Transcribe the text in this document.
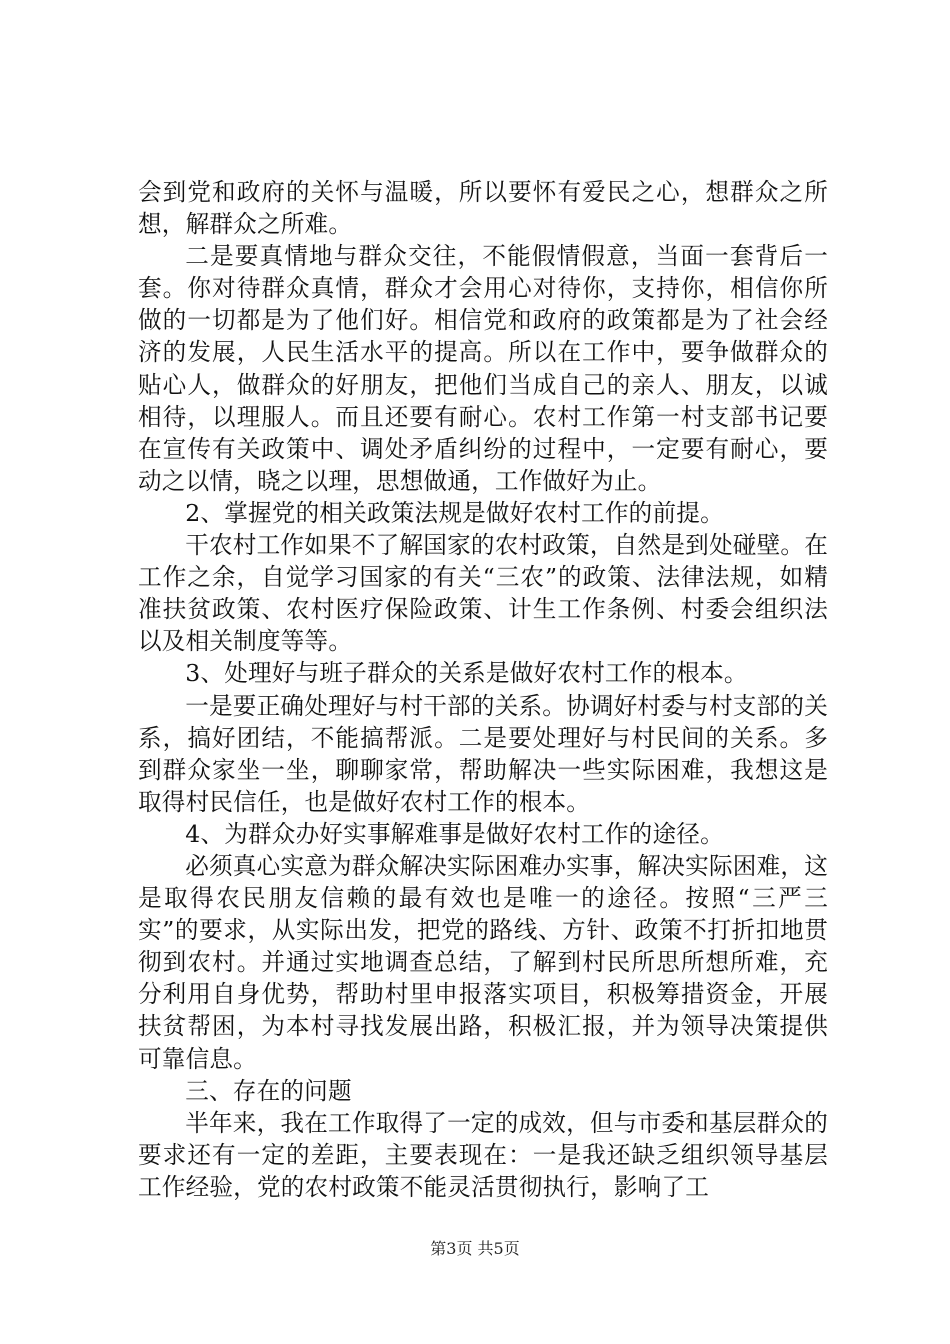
会到党和政府的关怀与温暖，所以要怀有爱民之心，想群众之所想，解群众之所难。

二是要真情地与群众交往，不能假情假意，当面一套背后一套。你对待群众真情，群众才会用心对待你，支持你，相信你所做的一切都是为了他们好。相信党和政府的政策都是为了社会经济的发展，人民生活水平的提高。所以在工作中，要争做群众的贴心人，做群众的好朋友，把他们当成自己的亲人、朋友，以诚相待，以理服人。而且还要有耐心。农村工作第一村支部书记要在宣传有关政策中、调处矛盾纠纷的过程中，一定要有耐心，要动之以情，晓之以理，思想做通，工作做好为止。

2、掌握党的相关政策法规是做好农村工作的前提。

干农村工作如果不了解国家的农村政策，自然是到处碰壁。在工作之余，自觉学习国家的有关“三农”的政策、法律法规，如精准扶贫政策、农村医疗保险政策、计生工作条例、村委会组织法以及相关制度等等。

3、处理好与班子群众的关系是做好农村工作的根本。

一是要正确处理好与村干部的关系。协调好村委与村支部的关系，搞好团结，不能搞帮派。二是要处理好与村民间的关系。多到群众家坐一坐，聊聊家常，帮助解决一些实际困难，我想这是取得村民信任，也是做好农村工作的根本。

4、为群众办好实事解难事是做好农村工作的途径。

必须真心实意为群众解决实际困难办实事，解决实际困难，这是取得农民朋友信赖的最有效也是唯一的途径。按照“三严三实”的要求，从实际出发，把党的路线、方针、政策不打折扣地贯彻到农村。并通过实地调查总结，了解到村民所思所想所难，充分利用自身优势，帮助村里申报落实项目，积极筹措资金，开展扶贫帮困，为本村寻找发展出路，积极汇报，并为领导决策提供可靠信息。

三、存在的问题

半年来，我在工作取得了一定的成效，但与市委和基层群众的要求还有一定的差距，主要表现在：一是我还缺乏组织领导基层工作经验，党的农村政策不能灵活贯彻执行，影响了工

第3页 共5页
